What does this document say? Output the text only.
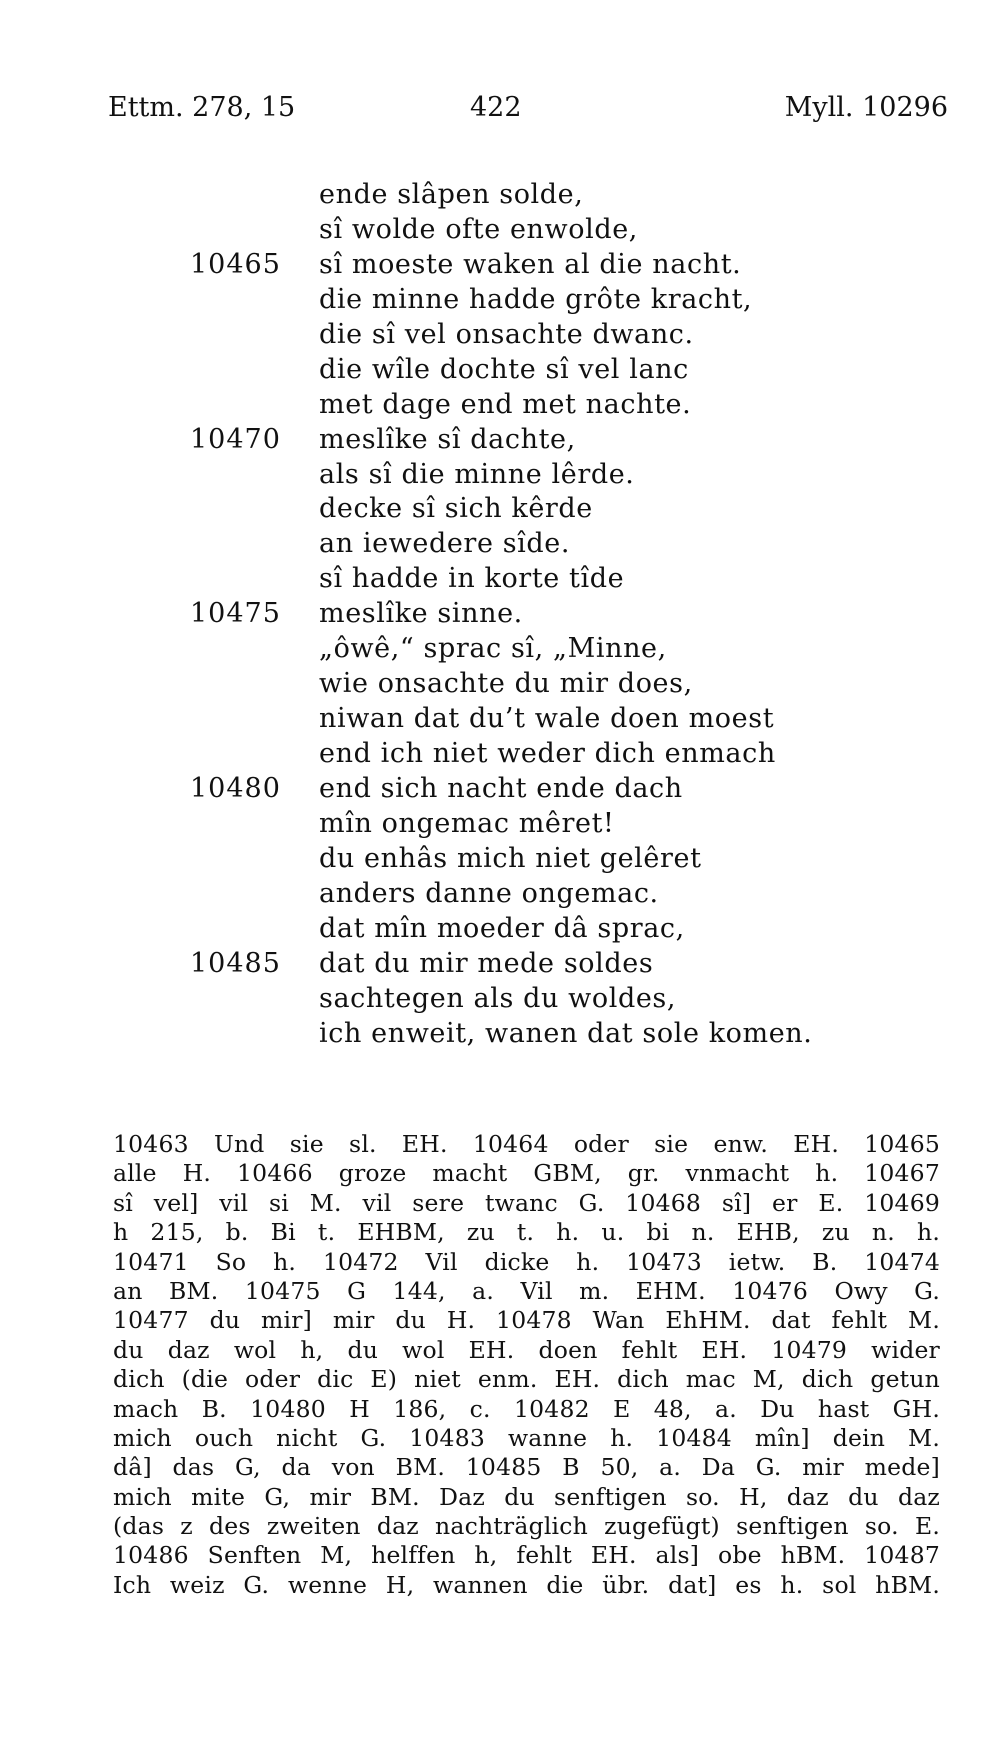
Ettm. 278, 15	422	Myll. 10296
ende slâpen solde,
sî wolde ofte enwolde,
10465 sî moeste waken al die nacht.
die minne hadde grôte kracht,
die sî vel onsachte dwanc.
die wîle dochte sî vel lanc
met dage end met nachte.
10470 meslîke sî dachte,
als sî die minne lêrde.
decke sî sich kêrde
an iewedere sîde.
sî hadde in korte tîde
10475 meslîke sinne.
„ôwê,“ sprac sî, „Minne,
wie onsachte du mir does,
niwan dat du’t wale doen moest
end ich niet weder dich enmach
10480 end sich nacht ende dach
mîn ongemac mêret!
du enhâs mich niet gelêret
anders danne ongemac.
dat mîn moeder dâ sprac,
10485 dat du mir mede soldes
sachtegen als du woldes,
ich enweit, wanen dat sole komen.
10463 Und sie sl. EH. 10464 oder sie enw. EH. 10465
alle H. 10466 groze macht GBM, gr. vnmacht h. 10467
sî vel] vil si M. vil sere twanc G. 10468 sî] er E. 10469
h 215, b. Bi t. EHBM, zu t. h. u. bi n. EHB, zu n. h.
10471 So h. 10472 Vil dicke h. 10473 ietw. B. 10474
an BM. 10475 G 144, a. Vil m. EHM. 10476 Owy G.
10477 du mir] mir du H. 10478 Wan EhHM. dat fehlt M.
du daz wol h, du wol EH. doen fehlt EH. 10479 wider
dich (die oder dic E) niet enm. EH. dich mac M, dich getun
mach B. 10480 H 186, c. 10482 E 48, a. Du hast GH.
mich ouch nicht G. 10483 wanne h. 10484 mîn] dein M.
dâ] das G, da von BM. 10485 B 50, a. Da G. mir mede]
mich mite G, mir BM. Daz du senftigen so. H, daz du daz
(das z des zweiten daz nachträglich zugefügt) senftigen so. E.
10486 Senften M, helffen h, fehlt EH. als] obe hBM. 10487
Ich weiz G. wenne H, wannen die übr. dat] es h. sol hBM.
